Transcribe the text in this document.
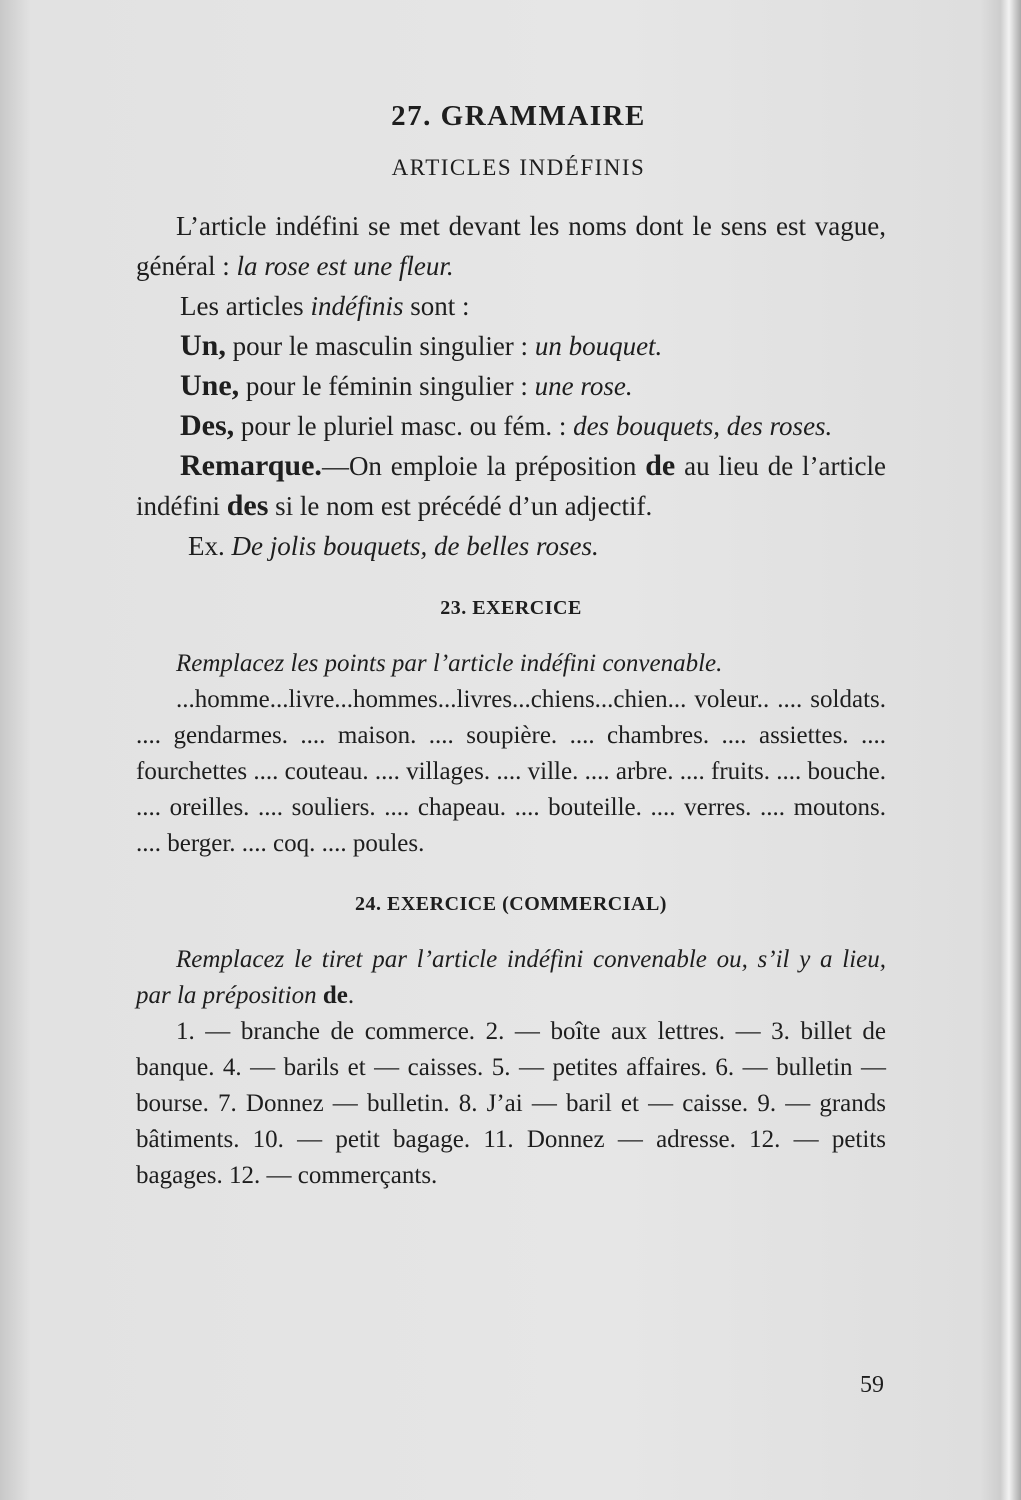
27. GRAMMAIRE
ARTICLES INDÉFINIS

L’article indéfini se met devant les noms dont le sens est vague, général : la rose est une fleur.

Les articles indéfinis sont :

Un, pour le masculin singulier : un bouquet.

Une, pour le féminin singulier : une rose.

Des, pour le pluriel masc. ou fém. : des bouquets, des roses.

Remarque.—On emploie la préposition de au lieu de l’article indéfini des si le nom est précédé d’un adjectif.

Ex. De jolis bouquets, de belles roses.

23. EXERCICE

Remplacez les points par l’article indéfini convenable.

...homme...livre...hommes...livres...chiens...chien... voleur.. .... soldats. .... gendarmes. .... maison. .... soupière. .... chambres. .... assiettes. .... fourchettes .... couteau. .... villages. .... ville. .... arbre. .... fruits. .... bouche. .... oreilles. .... souliers. .... chapeau. .... bouteille. .... verres. .... moutons. .... berger. .... coq. .... poules.

24. EXERCICE (COMMERCIAL)

Remplacez le tiret par l’article indéfini convenable ou, s’il y a lieu, par la préposition de.

1. — branche de commerce. 2. — boîte aux lettres. — 3. billet de banque. 4. — barils et — caisses. 5. — petites affaires. 6. — bulletin — bourse. 7. Donnez — bulletin. 8. J’ai — baril et — caisse. 9. — grands bâtiments. 10. — petit bagage. 11. Donnez — adresse. 12. — petits bagages. 12. — commerçants.

59
